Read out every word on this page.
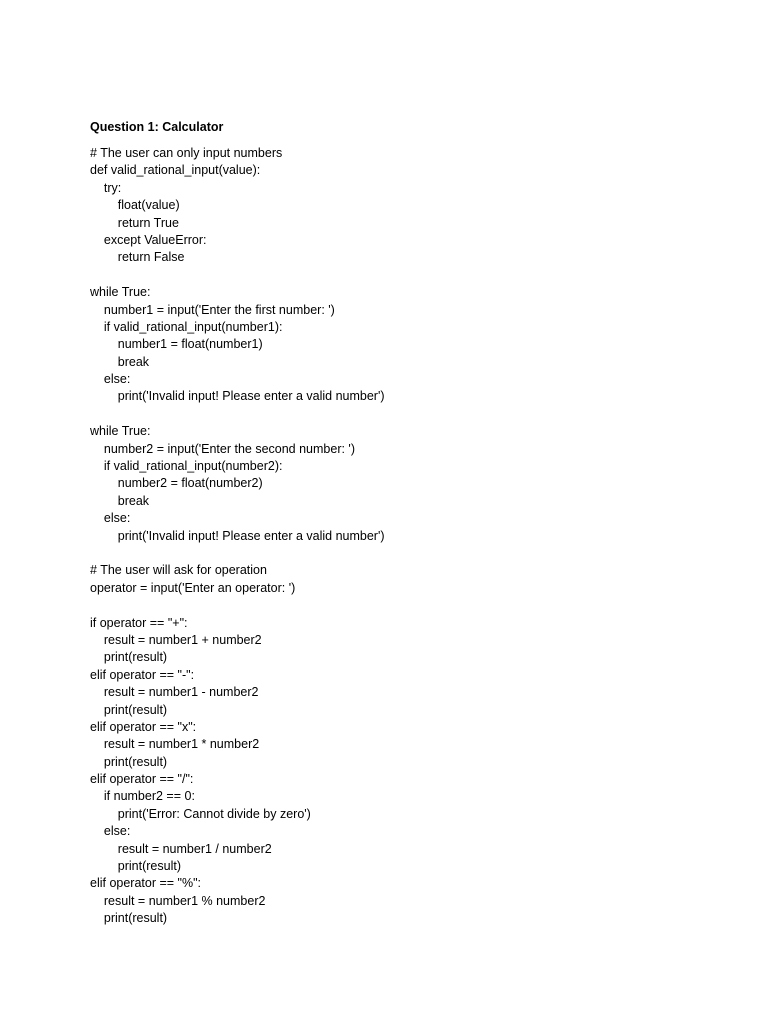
Question 1: Calculator
# The user can only input numbers
def valid_rational_input(value):
try:
float(value)
return True
except ValueError:
return False
while True:
number1 = input('Enter the first number: ')
if valid_rational_input(number1):
number1 = float(number1)
break
else:
print('Invalid input! Please enter a valid number')
while True:
number2 = input('Enter the second number: ')
if valid_rational_input(number2):
number2 = float(number2)
break
else:
print('Invalid input! Please enter a valid number')
# The user will ask for operation
operator = input('Enter an operator: ')
if operator == "+":
result = number1 + number2
print(result)
elif operator == "-":
result = number1 - number2
print(result)
elif operator == "x":
result = number1 * number2
print(result)
elif operator == "/":
if number2 == 0:
print('Error: Cannot divide by zero')
else:
result = number1 / number2
print(result)
elif operator == "%":
result = number1 % number2
print(result)
